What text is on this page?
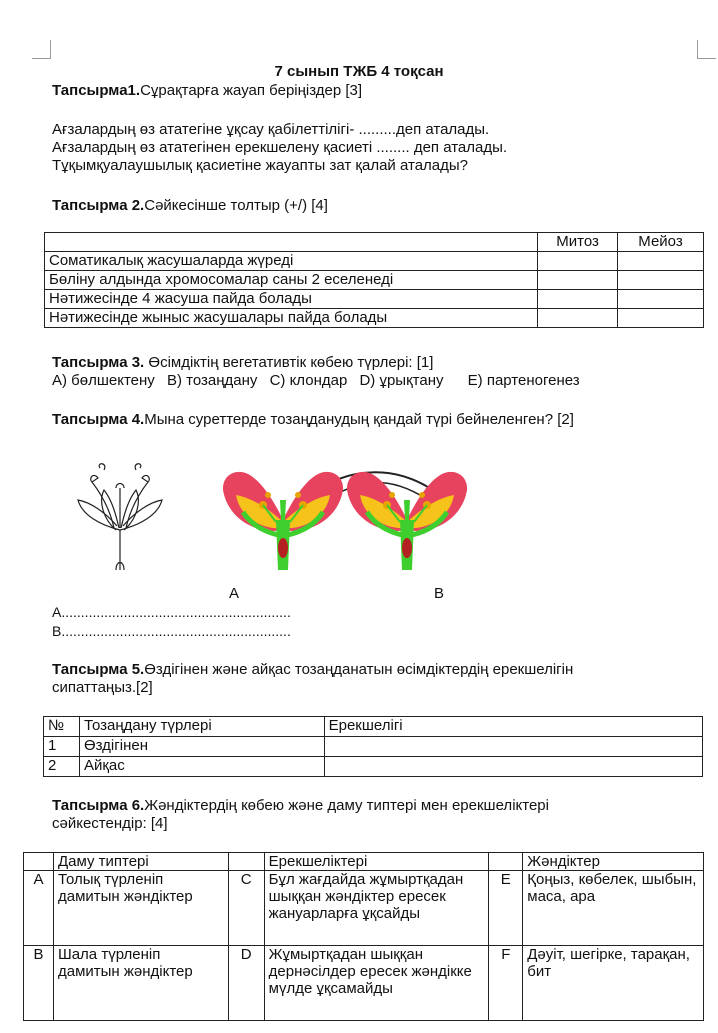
7 сынып ТЖБ 4 тоқсан
Тапсырма1.Сұрақтарға жауап беріңіздер [3]
Ағзалардың өз ататегіне ұқсау қабілеттілігі- .........деп аталады.
Ағзалардың өз ататегінен ерекшелену қасиеті ........ деп аталады.
Тұқымқуалаушылық қасиетіне жауапты зат қалай аталады?
Тапсырма 2.Сәйкесінше толтыр (+/) [4]
	Митоз	Мейоз
Соматикалық жасушаларда жүреді		
Бөліну алдында хромосомалар саны 2 еселенеді		
Нәтижесінде 4 жасуша пайда болады		
Нәтижесінде жыныс жасушалары пайда болады		
Тапсырма 3. Өсімдіктің вегетативтік көбею түрлері: [1]
А) бөлшектену В) тозаңдану С) клондар D) ұрықтану Е) партеногенез
Тапсырма 4.Мына суреттерде тозаңданудың қандай түрі бейнеленген? [2]
А	В
А...........................................................
В...........................................................
Тапсырма 5.Өздігінен және айқас тозаңданатын өсімдіктердің ерекшелігін
сипаттаңыз.[2]
№	Тозаңдану түрлері	Ерекшелігі
1	Өздігінен	
2	Айқас	
Тапсырма 6.Жәндіктердің көбею және даму типтері мен ерекшеліктері
сәйкестендір: [4]
	Даму типтері		Ерекшеліктері		Жәндіктер
А	Толық түрленіп дамитын жәндіктер	С	Бұл жағдайда жұмыртқадан шыққан жәндіктер ересек жануарларға ұқсайды	Е	Қоңыз, көбелек, шыбын, маса, ара
В	Шала түрленіп дамитын жәндіктер	D	Жұмыртқадан шыққан дернәсілдер ересек жәндікке мүлде ұқсамайды	F	Дәуіт, шегіркe, тарақан, бит
